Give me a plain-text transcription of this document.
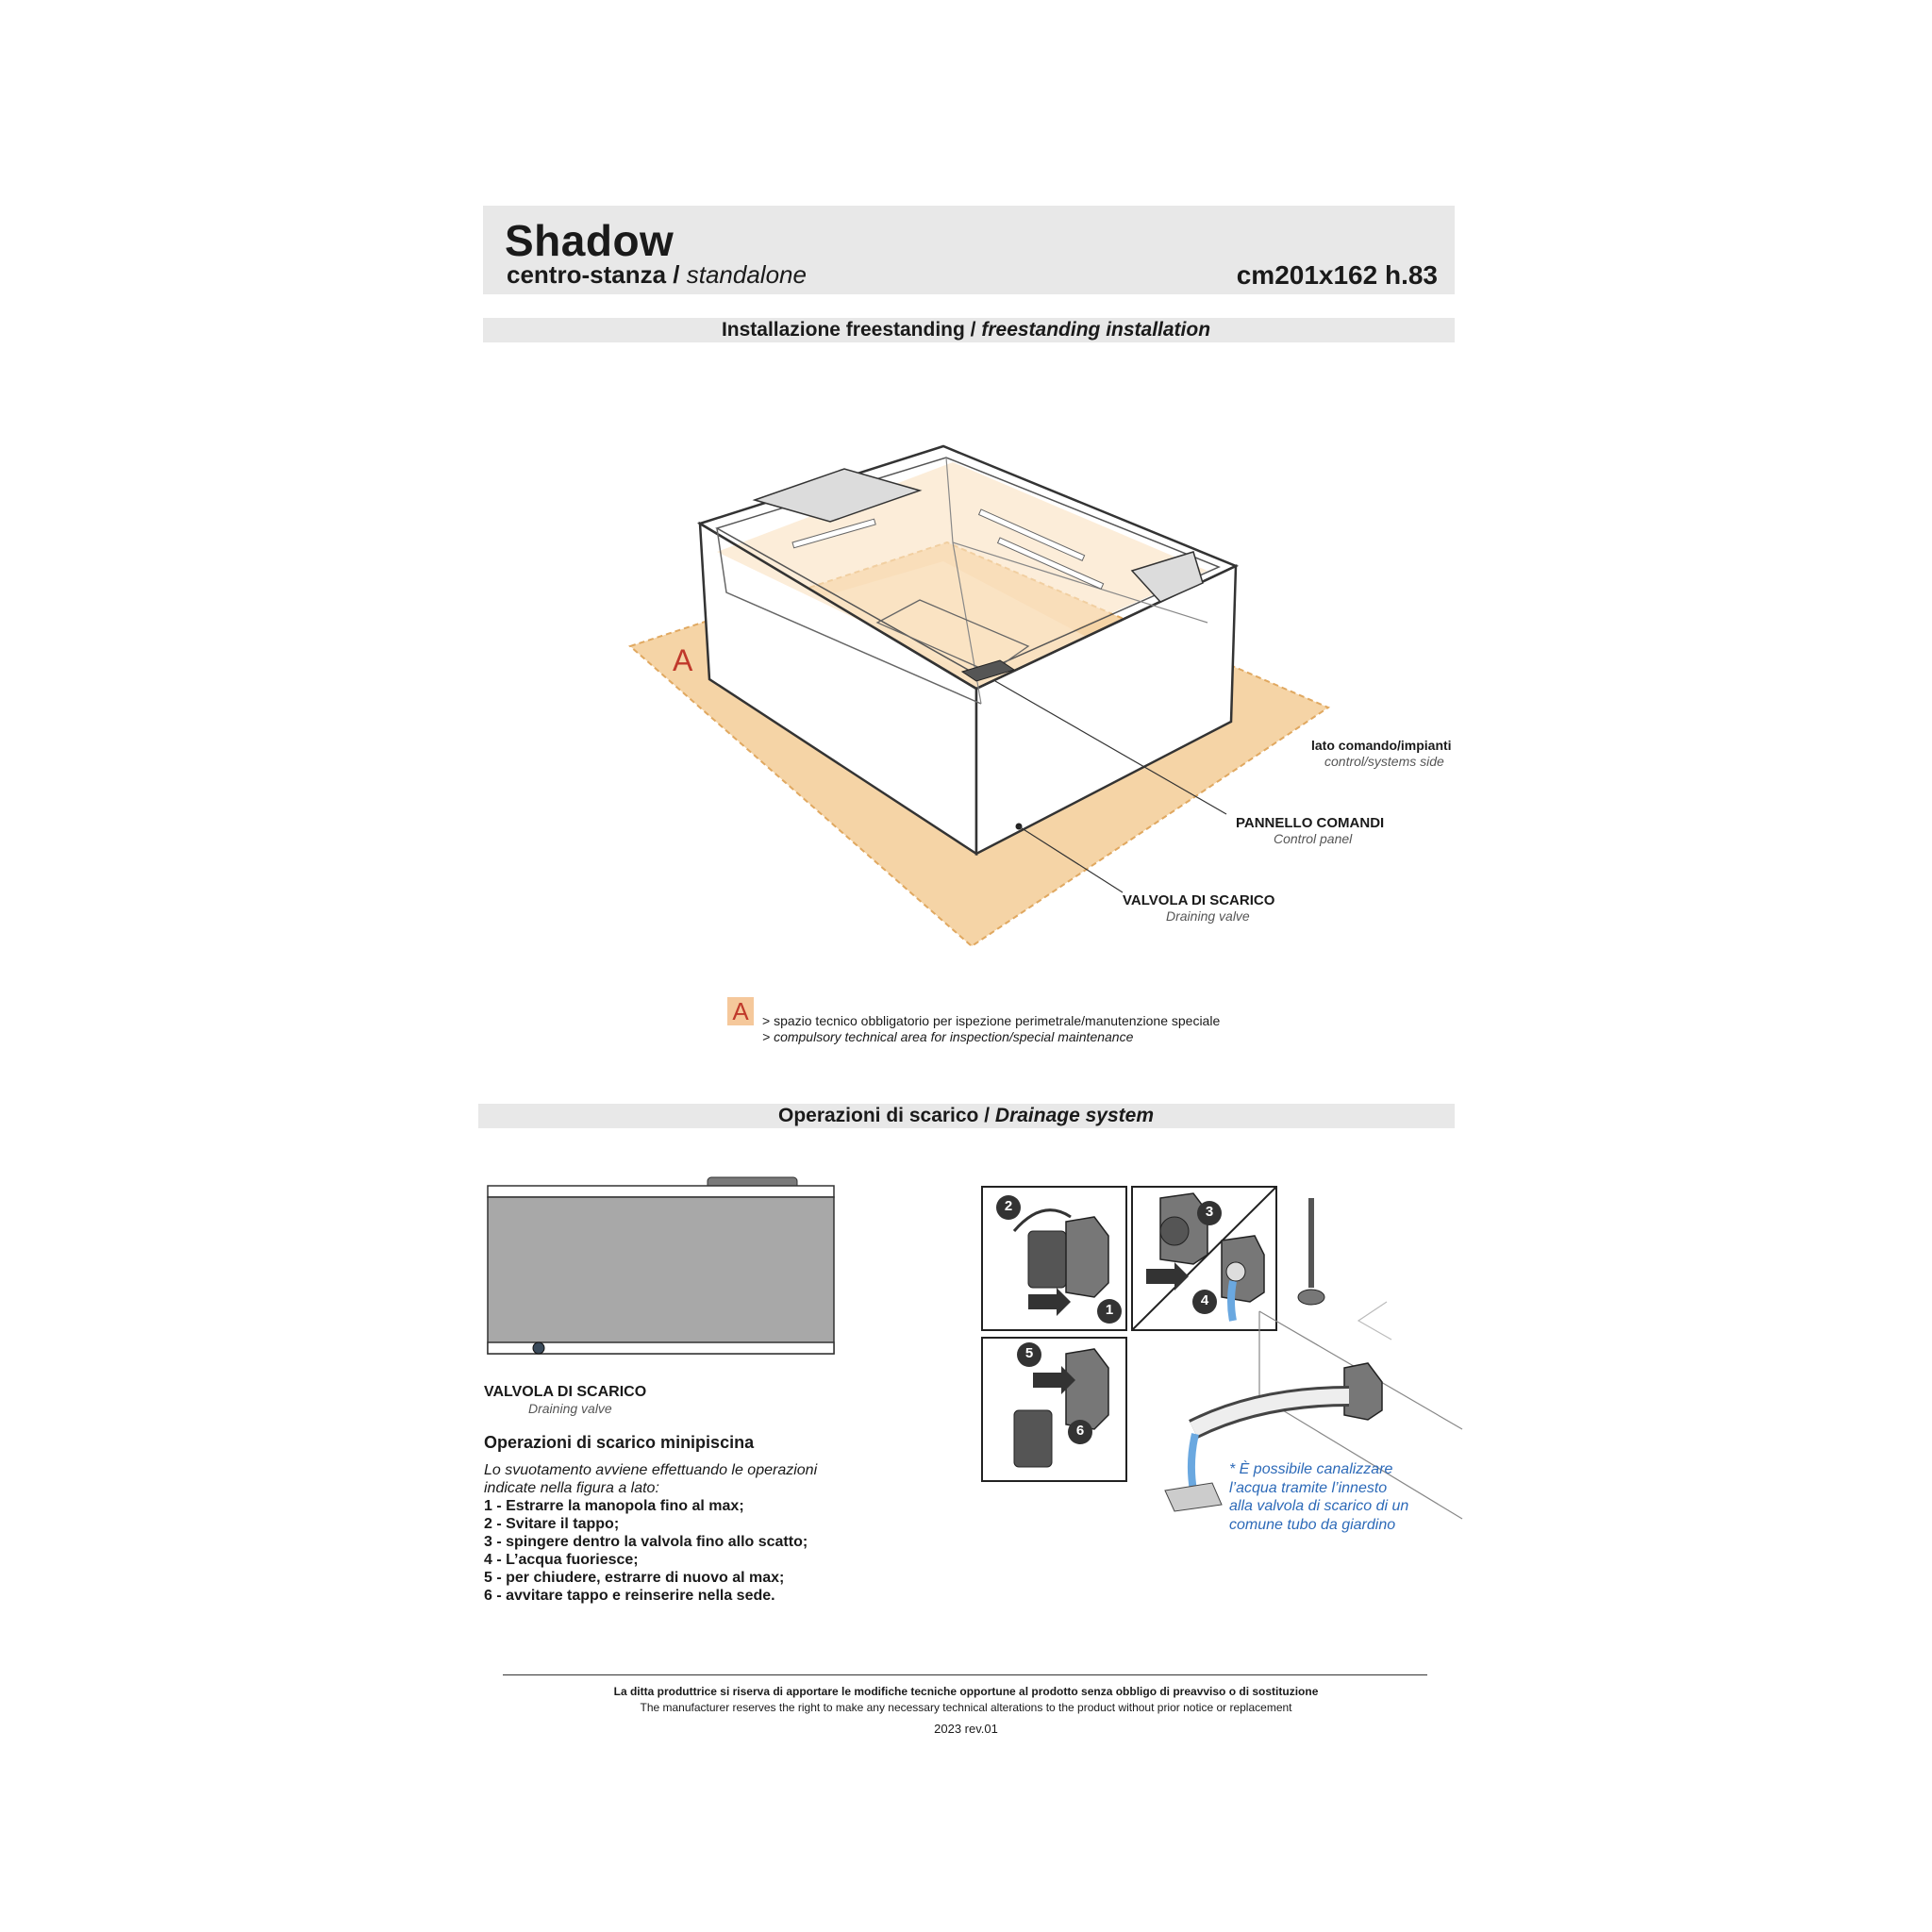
Shadow
centro-stanza / standalone	cm201x162 h.83
Installazione freestanding / freestanding installation
A
lato comando/impianti
control/systems side
PANNELLO COMANDI
Control panel
VALVOLA DI SCARICO
Draining valve
A	> spazio tecnico obbligatorio per ispezione perimetrale/manutenzione speciale
> compulsory technical area for inspection/special maintenance
Operazioni di scarico / Drainage system
VALVOLA DI SCARICO
Draining valve
Operazioni di scarico minipiscina
Lo svuotamento avviene effettuando le operazioni
indicate nella figura a lato:
1 - Estrarre la manopola fino al max;
2 - Svitare il tappo;
3 - spingere dentro la valvola fino allo scatto;
4 - L’acqua fuoriesce;
5 - per chiudere, estrarre di nuovo al max;
6 - avvitare tappo e reinserire nella sede.
2
1
3
4
5
6
* È possibile canalizzare
l’acqua tramite l’innesto
alla valvola di scarico di un
comune tubo da giardino
La ditta produttrice si riserva di apportare le modifiche tecniche opportune al prodotto senza obbligo di preavviso o di sostituzione
The manufacturer reserves the right to make any necessary technical alterations to the product without prior notice or replacement
2023 rev.01
